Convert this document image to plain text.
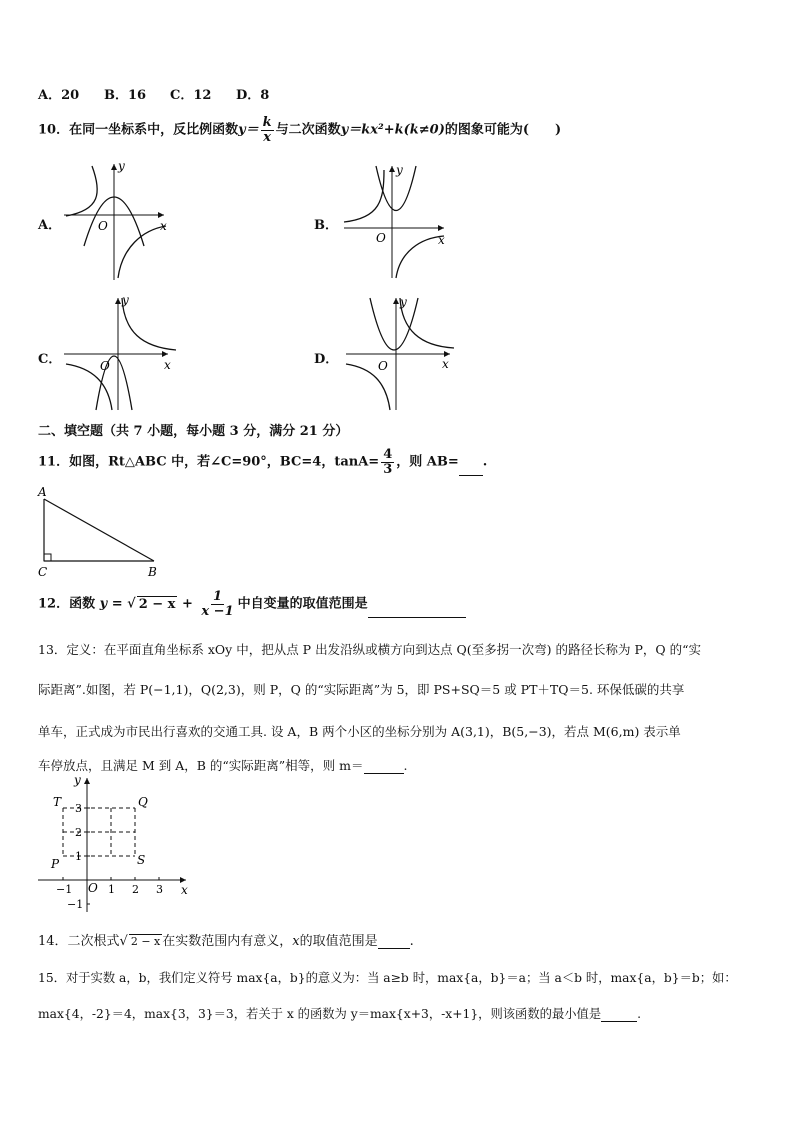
A．20 B．16 C．12 D．8
10．在同一坐标系中，反比例函数$y= \frac{k}{x}$ 与二次函数y＝kx²+k(k≠0)的图象可能为(　　)
A．	B．
C．	D．
x
y
O
x
y
O
x
y
O	x
y
O
二、填空题（共 7 小题，每小题 3 分，满分 21 分）
11．如图，Rt△ABC 中，若∠C=90°，BC=4，$\tan A= \frac{4}{3}$ ，则 AB= .
A
C	B
12．函数 y = √ $2 - x + \frac{1}{x -1}$ 中自变量的取值范围是
13．定义：在平面直角坐标系 xOy 中，把从点 P 出发沿纵或横方向到达点 Q(至多拐一次弯) 的路径长称为 P，Q 的“实
际距离”.如图，若 P(−1,1)，Q(2,3)，则 P，Q 的“实际距离”为 5，即 PS+SQ＝5 或 PT＋TQ＝5. 环保低碳的共享
单车，正式成为市民出行喜欢的交通工具. 设 A，B 两个小区的坐标分别为 A(3,1)，B(5,−3)，若点 M(6,m) 表示单
车停放点，且满足 M 到 A，B 的“实际距离”相等，则 m＝	.
−1	1 2 3
3
2
1
−1
x
y
O
P
Q
S
T
14．二次根式√ 2 − x 在实数范围内有意义，x的取值范围是 .
15．对于实数 a，b，我们定义符号 max{a，b}的意义为：当 a≥b 时，max{a，b}＝a；当 a＜b 时，max{a，b}＝b；如：
max{4，-2}＝4，max{3，3}＝3，若关于 x 的函数为 y＝max{x+3，-x+1}，则该函数的最小值是	.
